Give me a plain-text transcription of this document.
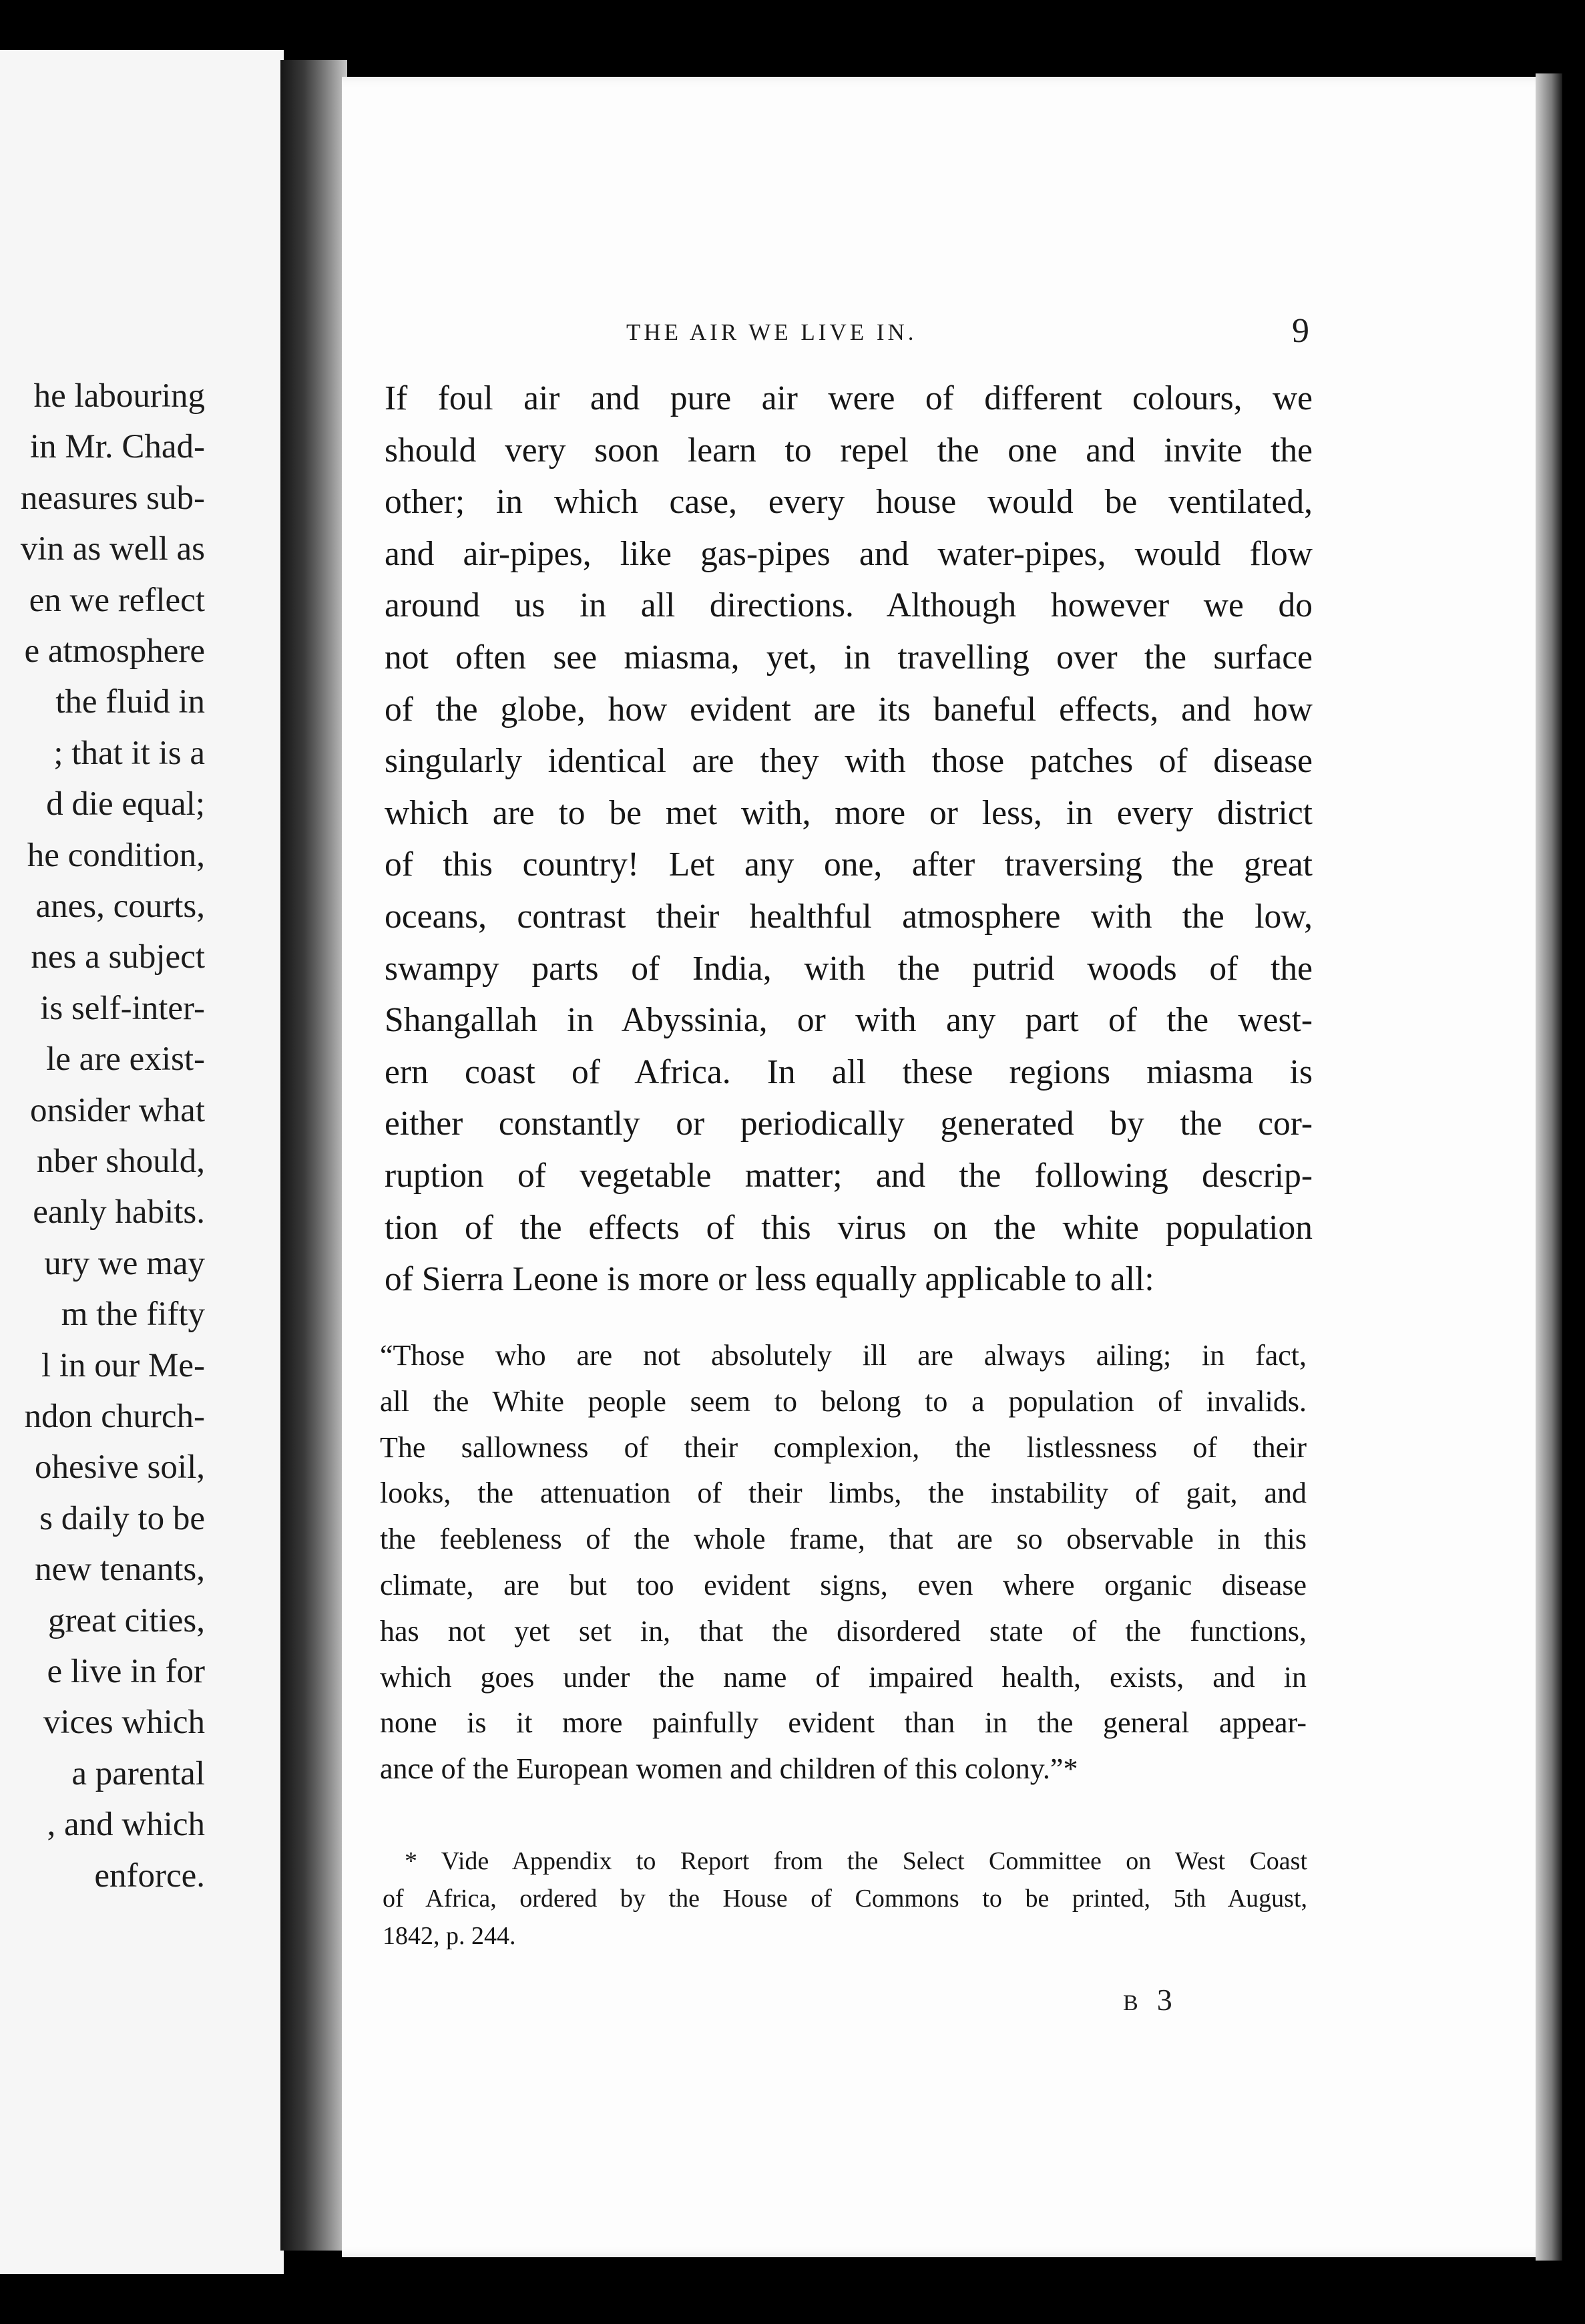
he labouring
in Mr. Chad-
neasures sub-
vin as well as
en we reflect
e atmosphere
the fluid in
; that it is a
d die equal;
he condition,
anes, courts,
nes a subject
is self-inter-
le are exist-
onsider what
nber should,
eanly habits.
ury we may
m the fifty
l in our Me-
ndon church-
ohesive soil,
s daily to be
new tenants,
great cities,
e live in for
vices which
a parental
, and which
enforce.
THE AIR WE LIVE IN.	9
If foul air and pure air were of different colours, we
should very soon learn to repel the one and invite the
other; in which case, every house would be ventilated,
and air-pipes, like gas-pipes and water-pipes, would flow
around us in all directions. Although however we do
not often see miasma, yet, in travelling over the surface
of the globe, how evident are its baneful effects, and how
singularly identical are they with those patches of disease
which are to be met with, more or less, in every district
of this country! Let any one, after traversing the great
oceans, contrast their healthful atmosphere with the low,
swampy parts of India, with the putrid woods of the
Shangallah in Abyssinia, or with any part of the west-
ern coast of Africa. In all these regions miasma is
either constantly or periodically generated by the cor-
ruption of vegetable matter; and the following descrip-
tion of the effects of this virus on the white population
of Sierra Leone is more or less equally applicable to all:
“Those who are not absolutely ill are always ailing; in fact,
all the White people seem to belong to a population of invalids.
The sallowness of their complexion, the listlessness of their
looks, the attenuation of their limbs, the instability of gait, and
the feebleness of the whole frame, that are so observable in this
climate, are but too evident signs, even where organic disease
has not yet set in, that the disordered state of the functions,
which goes under the name of impaired health, exists, and in
none is it more painfully evident than in the general appear-
ance of the European women and children of this colony.”*
* Vide Appendix to Report from the Select Committee on West Coast
of Africa, ordered by the House of Commons to be printed, 5th August,
1842, p. 244.
B 3
